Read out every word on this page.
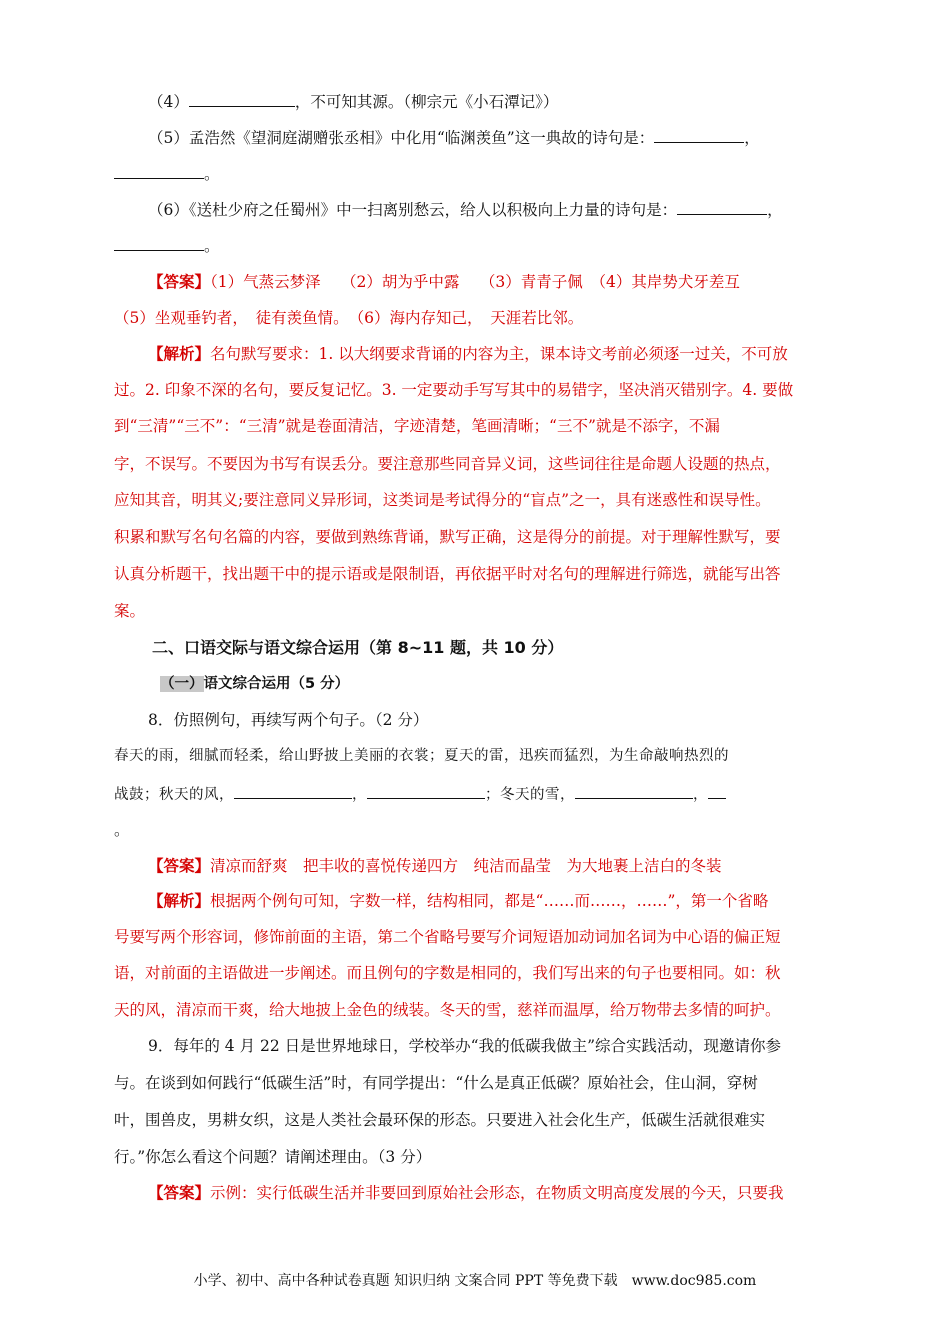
（4）	，不可知其源。（柳宗元《小石潭记》）
（5）孟浩然《望洞庭湖赠张丞相》中化用“临渊羡鱼”这一典故的诗句是：	，
。
（6）《送杜少府之任蜀州》中一扫离别愁云，给人以积极向上力量的诗句是：	，
。
【答案】（1）气蒸云梦泽　 （2）胡为乎中露　 （3）青青子佩　（4）其岸势犬牙差互
（5）坐观垂钓者，　徒有羡鱼情。　（6）海内存知己，　天涯若比邻。
【解析】名句默写要求：1. 以大纲要求背诵的内容为主，课本诗文考前必须逐一过关，不可放
过。2. 印象不深的名句，要反复记忆。3. 一定要动手写写其中的易错字，坚决消灭错别字。4. 要做
到“三清”“三不”：“三清”就是卷面清洁，字迹清楚，笔画清晰；“三不”就是不添字，不漏
字，不误写。不要因为书写有误丢分。要注意那些同音异义词，这些词往往是命题人设题的热点，
应知其音，明其义;要注意同义异形词，这类词是考试得分的“盲点”之一，具有迷惑性和误导性。
积累和默写名句名篇的内容，要做到熟练背诵，默写正确，这是得分的前提。对于理解性默写，要
认真分析题干，找出题干中的提示语或是限制语，再依据平时对名句的理解进行筛选，就能写出答
案。
二、口语交际与语文综合运用（第 8~11 题，共 10 分）
（一）语文综合运用（5 分）
8．仿照例句，再续写两个句子。（2 分）
春天的雨，细腻而轻柔，给山野披上美丽的衣裳；夏天的雷，迅疾而猛烈，为生命敲响热烈的
战鼓；秋天的风，	，	；冬天的雪，	，
。
【答案】清凉而舒爽　把丰收的喜悦传递四方　纯洁而晶莹　为大地裹上洁白的冬装
【解析】根据两个例句可知，字数一样，结构相同，都是“……而……，……”，第一个省略
号要写两个形容词，修饰前面的主语，第二个省略号要写介词短语加动词加名词为中心语的偏正短
语，对前面的主语做进一步阐述。而且例句的字数是相同的，我们写出来的句子也要相同。如：秋
天的风，清凉而干爽，给大地披上金色的绒装。冬天的雪，慈祥而温厚，给万物带去多情的呵护。
9．每年的 4 月 22 日是世界地球日，学校举办“我的低碳我做主”综合实践活动，现邀请你参
与。在谈到如何践行“低碳生活”时，有同学提出：“什么是真正低碳？原始社会，住山洞，穿树
叶，围兽皮，男耕女织，这是人类社会最环保的形态。只要进入社会化生产，低碳生活就很难实
行。”你怎么看这个问题？请阐述理由。（3 分）
【答案】示例：实行低碳生活并非要回到原始社会形态，在物质文明高度发展的今天，只要我
小学、初中、高中各种试卷真题 知识归纳 文案合同 PPT 等免费下载　www.doc985.com
